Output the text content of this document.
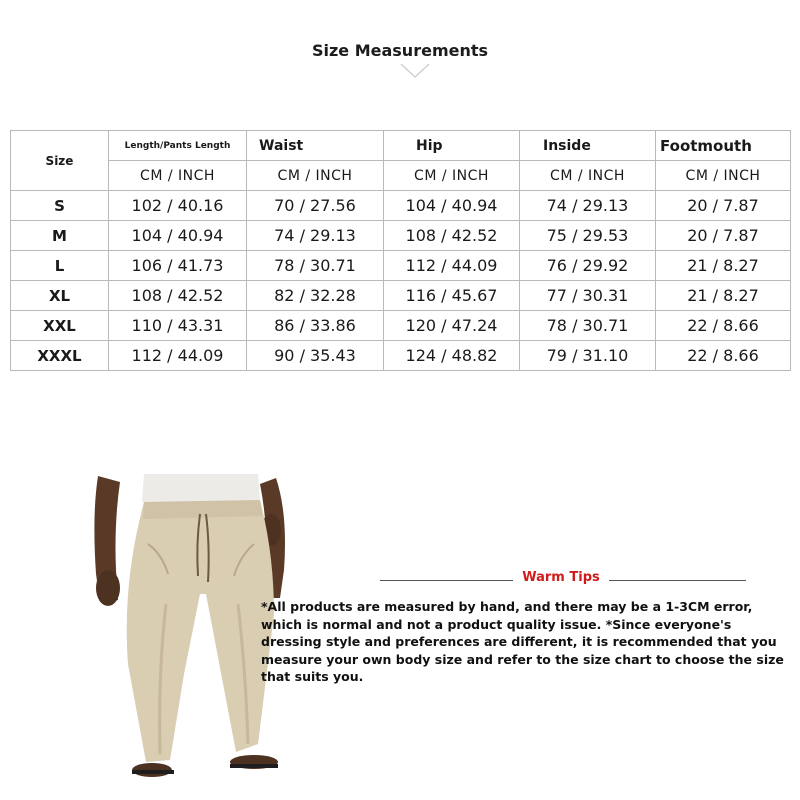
Size Measurements
Size	Length/Pants Length	Waist	Hip	Inside	Footmouth
	CM / INCH	CM / INCH	CM / INCH	CM / INCH	CM / INCH
S	102 / 40.16	70 / 27.56	104 / 40.94	74 / 29.13	20 / 7.87
M	104 / 40.94	74 / 29.13	108 / 42.52	75 / 29.53	20 / 7.87
L	106 / 41.73	78 / 30.71	112 / 44.09	76 / 29.92	21 / 8.27
XL	108 / 42.52	82 / 32.28	116 / 45.67	77 / 30.31	21 / 8.27
XXL	110 / 43.31	86 / 33.86	120 / 47.24	78 / 30.71	22 / 8.66
XXXL	112 / 44.09	90 / 35.43	124 / 48.82	79 / 31.10	22 / 8.66
Warm Tips
*All products are measured by hand, and there may be a 1-3CM error, which is normal and not a product quality issue. *Since everyone's dressing style and preferences are different, it is recommended that you measure your own body size and refer to the size chart to choose the size that suits you.
